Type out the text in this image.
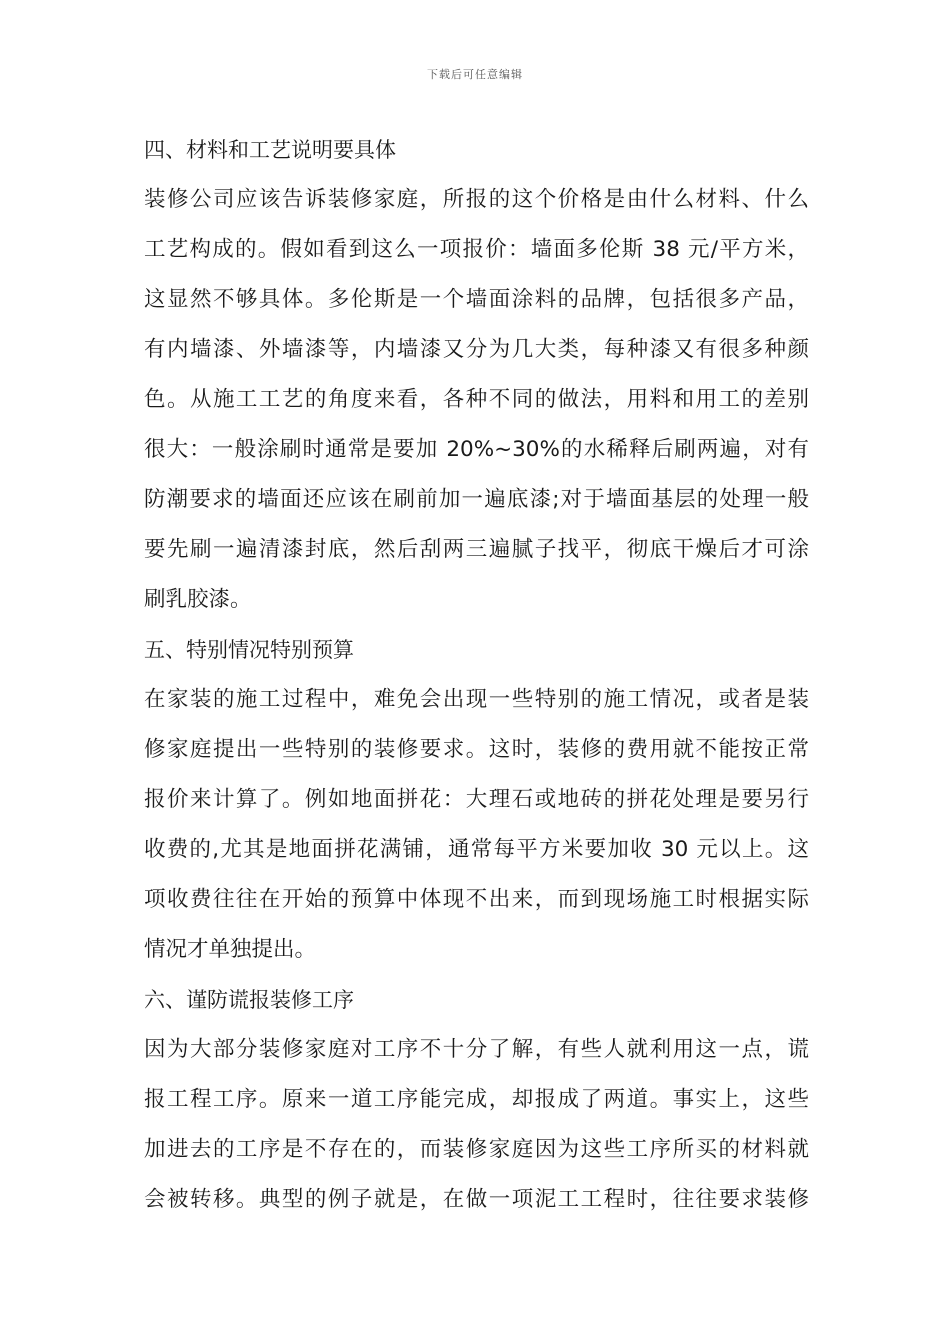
下载后可任意编辑
四、材料和工艺说明要具体
装修公司应该告诉装修家庭，所报的这个价格是由什么材料、什么
工艺构成的。假如看到这么一项报价：墙面多伦斯 38 元/平方米，
这显然不够具体。多伦斯是一个墙面涂料的品牌，包括很多产品，
有内墙漆、外墙漆等，内墙漆又分为几大类，每种漆又有很多种颜
色。从施工工艺的角度来看，各种不同的做法，用料和用工的差别
很大：一般涂刷时通常是要加 20%~30%的水稀释后刷两遍，对有
防潮要求的墙面还应该在刷前加一遍底漆;对于墙面基层的处理一般
要先刷一遍清漆封底，然后刮两三遍腻子找平，彻底干燥后才可涂
刷乳胶漆。
五、特别情况特别预算
在家装的施工过程中，难免会出现一些特别的施工情况，或者是装
修家庭提出一些特别的装修要求。这时，装修的费用就不能按正常
报价来计算了。例如地面拼花：大理石或地砖的拼花处理是要另行
收费的,尤其是地面拼花满铺，通常每平方米要加收 30 元以上。这
项收费往往在开始的预算中体现不出来，而到现场施工时根据实际
情况才单独提出。
六、谨防谎报装修工序
因为大部分装修家庭对工序不十分了解，有些人就利用这一点，谎
报工程工序。原来一道工序能完成，却报成了两道。事实上，这些
加进去的工序是不存在的，而装修家庭因为这些工序所买的材料就
会被转移。典型的例子就是，在做一项泥工工程时，往往要求装修
